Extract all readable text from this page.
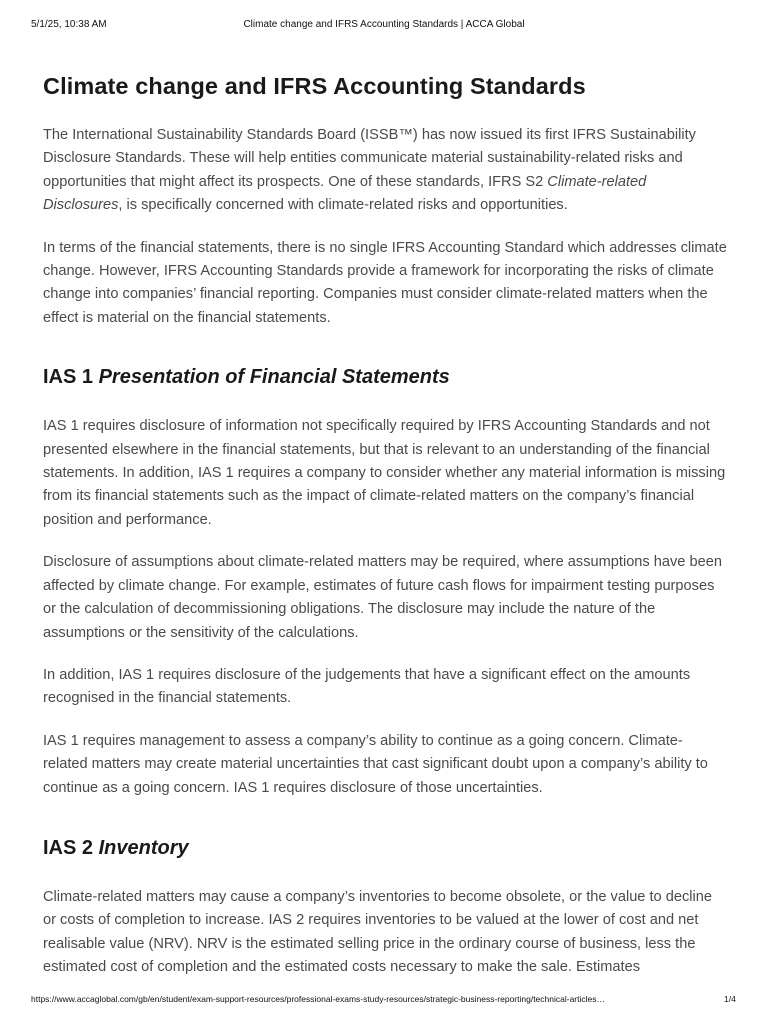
5/1/25, 10:38 AM	Climate change and IFRS Accounting Standards | ACCA Global
Climate change and IFRS Accounting Standards

The International Sustainability Standards Board (ISSB™) has now issued its first IFRS Sustainability Disclosure Standards. These will help entities communicate material sustainability-related risks and opportunities that might affect its prospects. One of these standards, IFRS S2 Climate-related Disclosures, is specifically concerned with climate-related risks and opportunities.

In terms of the financial statements, there is no single IFRS Accounting Standard which addresses climate change. However, IFRS Accounting Standards provide a framework for incorporating the risks of climate change into companies’ financial reporting. Companies must consider climate-related matters when the effect is material on the financial statements.

IAS 1 Presentation of Financial Statements

IAS 1 requires disclosure of information not specifically required by IFRS Accounting Standards and not presented elsewhere in the financial statements, but that is relevant to an understanding of the financial statements. In addition, IAS 1 requires a company to consider whether any material information is missing from its financial statements such as the impact of climate-related matters on the company’s financial position and performance.

Disclosure of assumptions about climate-related matters may be required, where assumptions have been affected by climate change. For example, estimates of future cash flows for impairment testing purposes or the calculation of decommissioning obligations. The disclosure may include the nature of the assumptions or the sensitivity of the calculations.

In addition, IAS 1 requires disclosure of the judgements that have a significant effect on the amounts recognised in the financial statements.

IAS 1 requires management to assess a company’s ability to continue as a going concern. Climate-related matters may create material uncertainties that cast significant doubt upon a company’s ability to continue as a going concern. IAS 1 requires disclosure of those uncertainties.

IAS 2 Inventory

Climate-related matters may cause a company’s inventories to become obsolete, or the value to decline or costs of completion to increase. IAS 2 requires inventories to be valued at the lower of cost and net realisable value (NRV). NRV is the estimated selling price in the ordinary course of business, less the estimated cost of completion and the estimated costs necessary to make the sale. Estimates

https://www.accaglobal.com/gb/en/student/exam-support-resources/professional-exams-study-resources/strategic-business-reporting/technical-articles…	1/4
